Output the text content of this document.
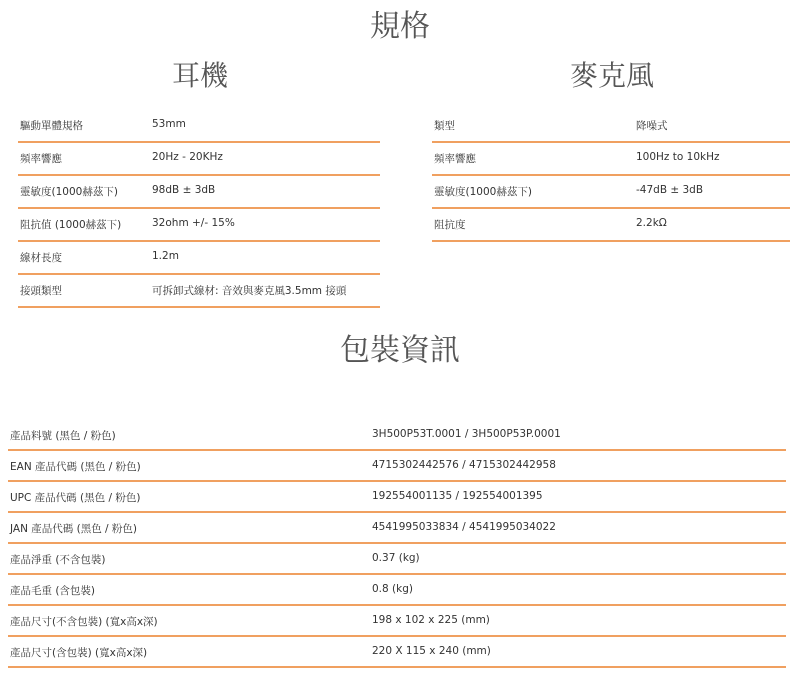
規格
耳機	麥克風
驅動單體規格	53mm
頻率響應	20Hz - 20KHz
靈敏度(1000赫茲下)	98dB ± 3dB
阻抗值 (1000赫茲下)	32ohm +/- 15%
線材長度	1.2m
接頭類型	可拆卸式線材: 音效與麥克風3.5mm 接頭
類型	降噪式
頻率響應	100Hz to 10kHz
靈敏度(1000赫茲下)	-47dB ± 3dB
阻抗度	2.2kΩ
包裝資訊
產品料號 (黑色 / 粉色)	3H500P53T.0001 / 3H500P53P.0001
EAN 產品代碼 (黑色 / 粉色)	4715302442576 / 4715302442958
UPC 產品代碼 (黑色 / 粉色)	192554001135 / 192554001395
JAN 產品代碼 (黑色 / 粉色)	4541995033834 / 4541995034022
產品淨重 (不含包裝)	0.37 (kg)
產品毛重 (含包裝)	0.8 (kg)
產品尺寸(不含包裝) (寬x高x深)	198 x 102 x 225 (mm)
產品尺寸(含包裝) (寬x高x深)	220 X 115 x 240 (mm)
